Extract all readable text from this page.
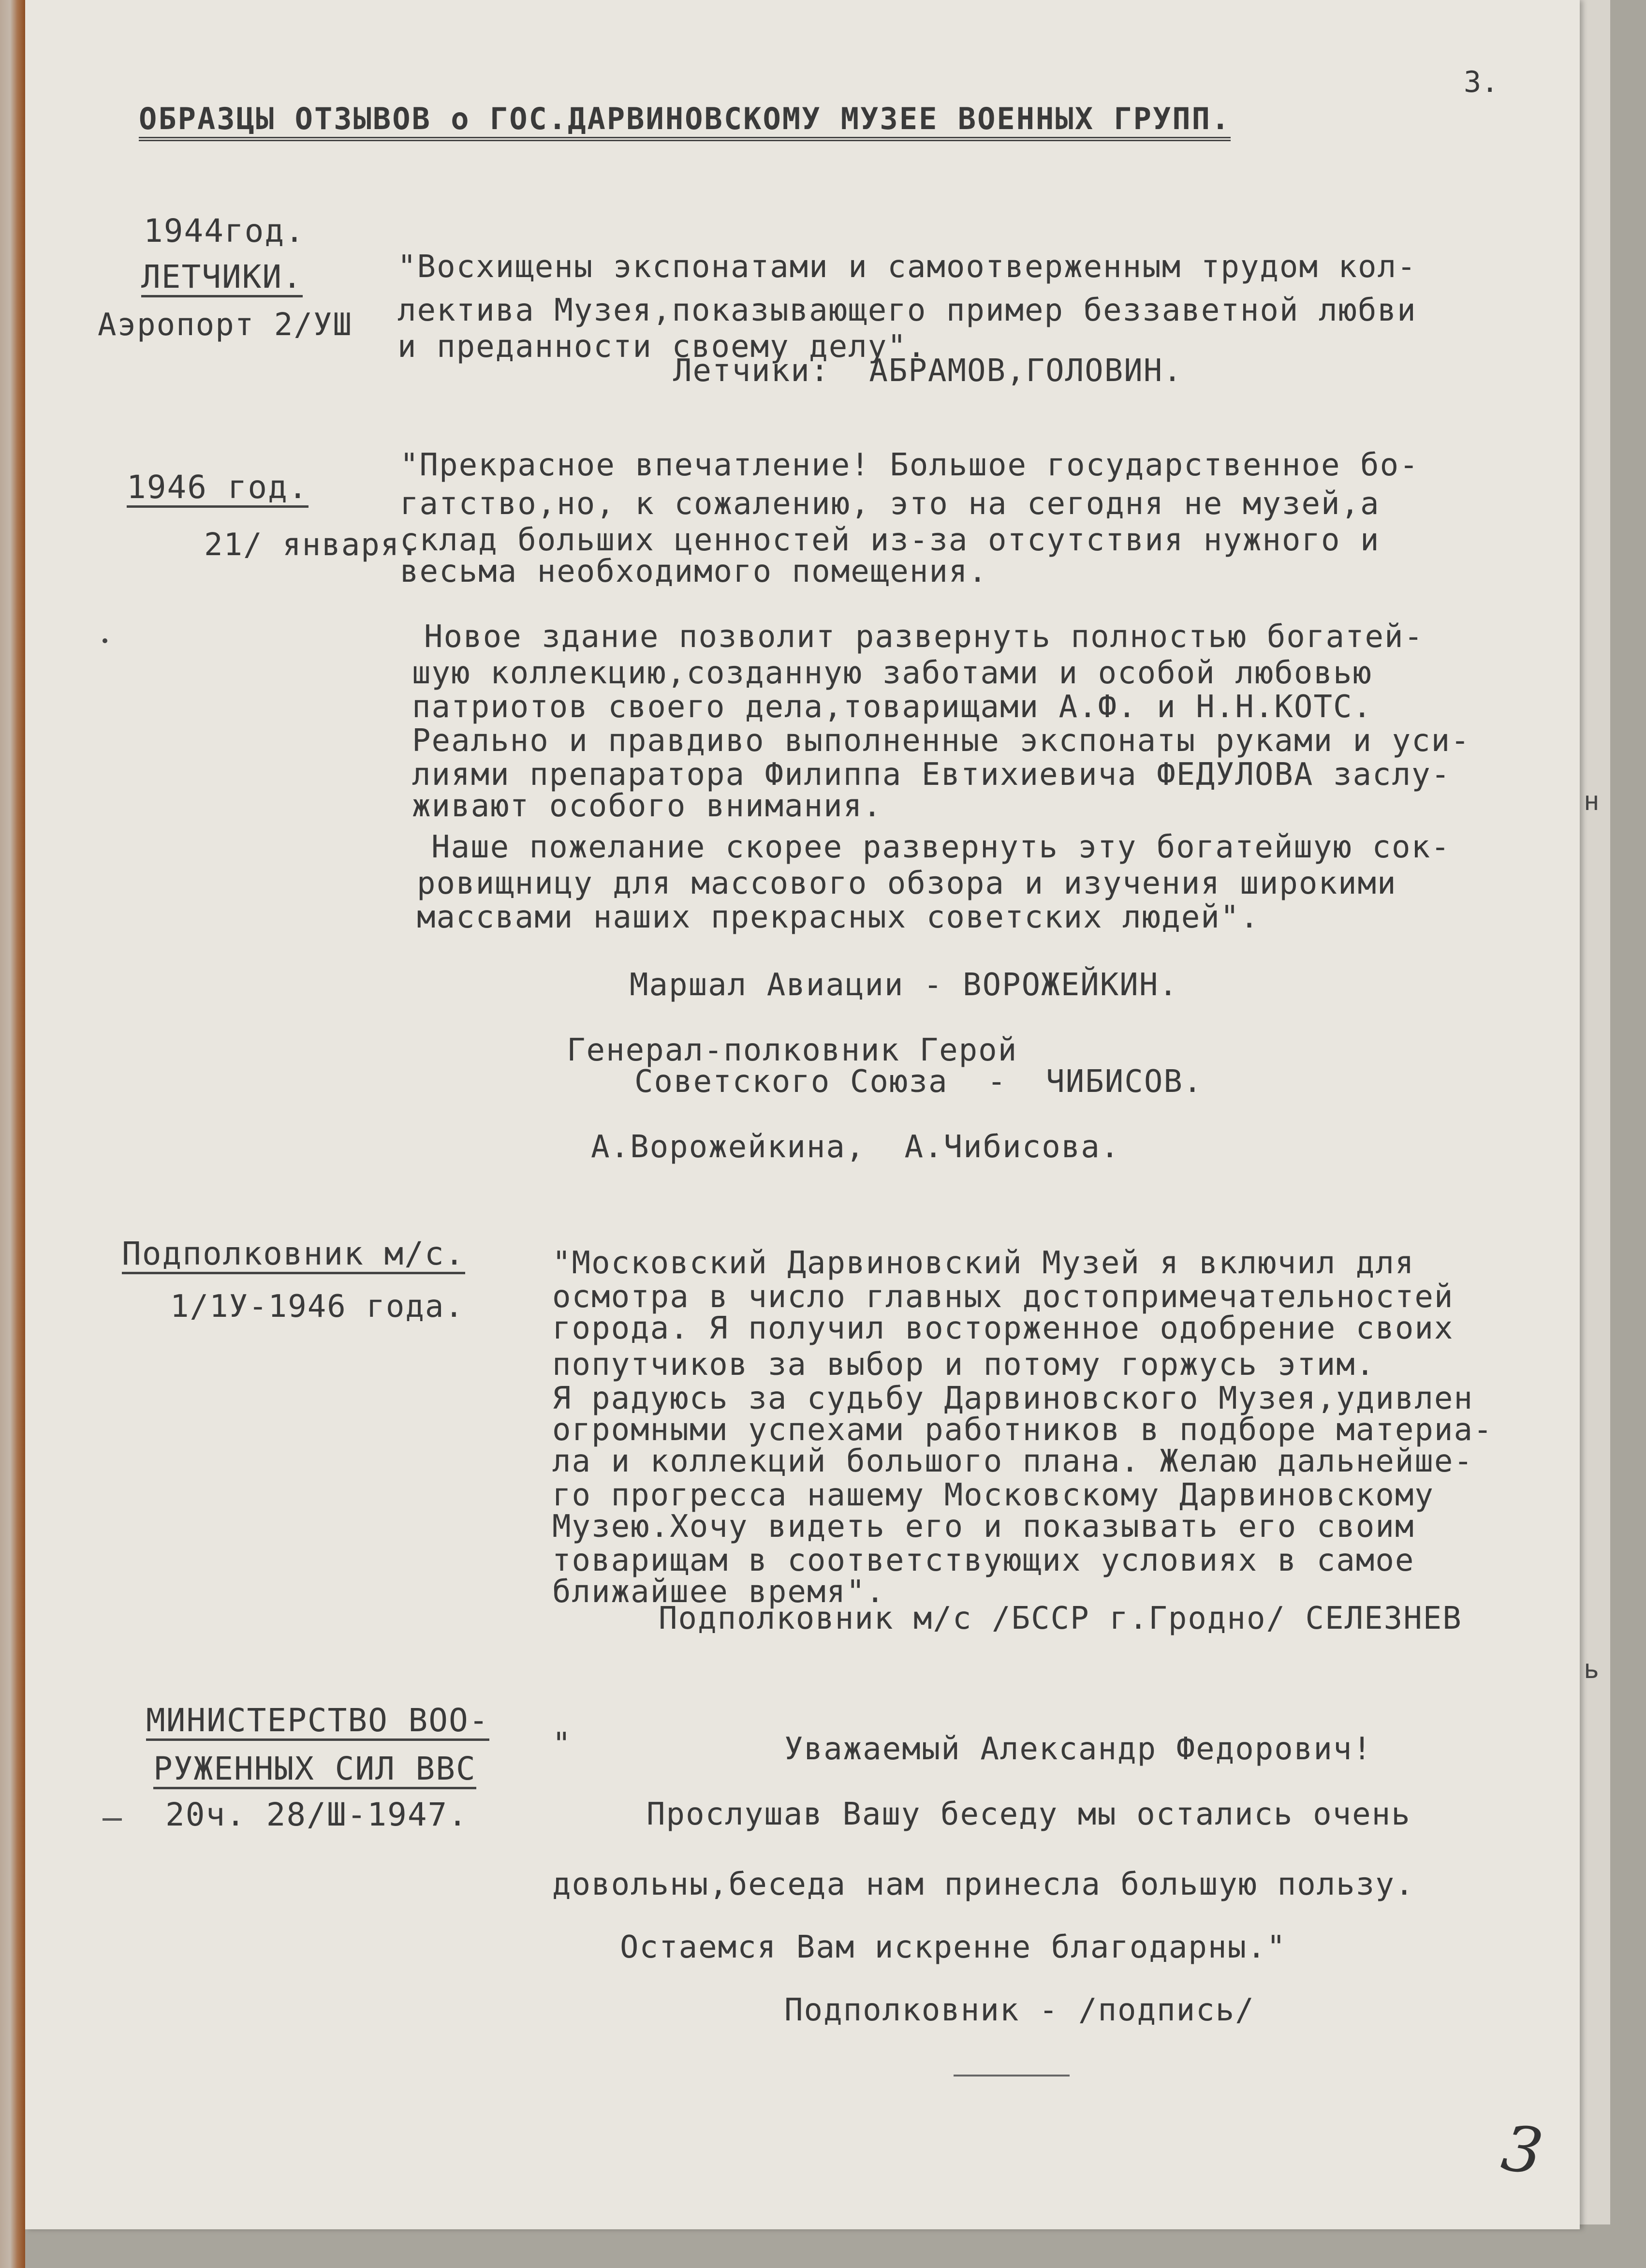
3.
ОБРАЗЦЫ ОТЗЫВОВ о ГОС.ДАРВИНОВСКОМУ МУЗЕЕ ВОЕННЫХ ГРУПП.
1944год.
ЛЕТЧИКИ.
Аэропорт 2/УШ
"Восхищены экспонатами и самоотверженным трудом кол-
лектива Музея,показывающего пример беззаветной любви
и преданности своему делу".
Летчики:  АБРАМОВ,ГОЛОВИН.
1946 год.
21/ января.
"Прекрасное впечатление! Большое государственное бо-
гатство,но, к сожалению, это на сегодня не музей,а
склад больших ценностей из-за отсутствия нужного и
весьма необходимого помещения.
Новое здание позволит развернуть полностью богатей-
шую коллекцию,созданную заботами и особой любовью
патриотов своего дела,товарищами А.Ф. и Н.Н.КОТС.
Реально и правдиво выполненные экспонаты руками и уси-
лиями препаратора Филиппа Евтихиевича ФЕДУЛОВА заслу-
живают особого внимания.
Наше пожелание скорее развернуть эту богатейшую сок-
ровищницу для массового обзора и изучения широкими
массвами наших прекрасных советских людей".
Маршал Авиации - ВОРОЖЕЙКИН.
Генерал-полковник Герой
Советского Союза  -  ЧИБИСОВ.
А.Ворожейкина,  А.Чибисова.
Подполковник м/с.
1/1У-1946 года.
"Московский Дарвиновский Музей я включил для
осмотра в число главных достопримечательностей
города. Я получил восторженное одобрение своих
попутчиков за выбор и потому горжусь этим.
Я радуюсь за судьбу Дарвиновского Музея,удивлен
огромными успехами работников в подборе материа-
ла и коллекций большого плана. Желаю дальнейше-
го прогресса нашему Московскому Дарвиновскому
Музею.Хочу видеть его и показывать его своим
товарищам в соответствующих условиях в самое
ближайшее время".
Подполковник м/с /БССР г.Гродно/ СЕЛЕЗНЕВ
МИНИСТЕРСТВО ВОО-
РУЖЕННЫХ СИЛ ВВС
20ч. 28/Ш-1947.
"	Уважаемый Александр Федорович!
Прослушав Вашу беседу мы остались очень
довольны,беседа нам принесла большую пользу.
Остаемся Вам искренне благодарны."
Подполковник - /подпись/
3
н
ь
